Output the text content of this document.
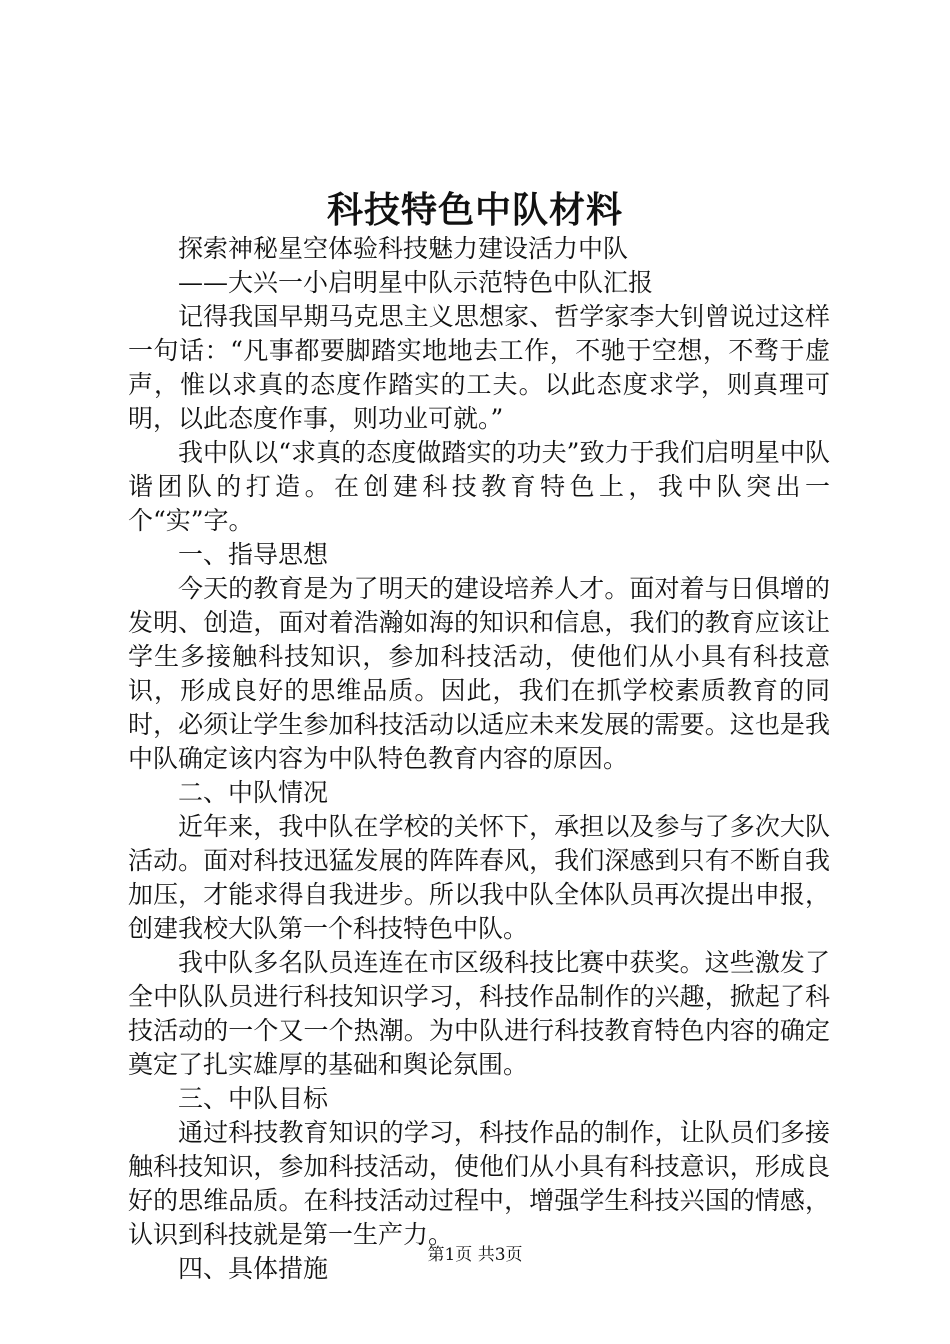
科技特色中队材料

探索神秘星空体验科技魅力建设活力中队

——大兴一小启明星中队示范特色中队汇报

记得我国早期马克思主义思想家、哲学家李大钊曾说过这样一句话：“凡事都要脚踏实地地去工作，不驰于空想，不骛于虚声，惟以求真的态度作踏实的工夫。以此态度求学，则真理可明，以此态度作事，则功业可就。”

我中队以“求真的态度做踏实的功夫”致力于我们启明星中队谐团队的打造。在创建科技教育特色上，我中队突出一个“实”字。

一、指导思想

今天的教育是为了明天的建设培养人才。面对着与日俱增的发明、创造，面对着浩瀚如海的知识和信息，我们的教育应该让学生多接触科技知识，参加科技活动，使他们从小具有科技意识，形成良好的思维品质。因此，我们在抓学校素质教育的同时，必须让学生参加科技活动以适应未来发展的需要。这也是我中队确定该内容为中队特色教育内容的原因。

二、中队情况

近年来，我中队在学校的关怀下，承担以及参与了多次大队活动。面对科技迅猛发展的阵阵春风，我们深感到只有不断自我加压，才能求得自我进步。所以我中队全体队员再次提出申报，创建我校大队第一个科技特色中队。

我中队多名队员连连在市区级科技比赛中获奖。这些激发了全中队队员进行科技知识学习，科技作品制作的兴趣，掀起了科技活动的一个又一个热潮。为中队进行科技教育特色内容的确定奠定了扎实雄厚的基础和舆论氛围。

三、中队目标

通过科技教育知识的学习，科技作品的制作，让队员们多接触科技知识，参加科技活动，使他们从小具有科技意识，形成良好的思维品质。在科技活动过程中，增强学生科技兴国的情感，认识到科技就是第一生产力。

四、具体措施	第1页 共3页
